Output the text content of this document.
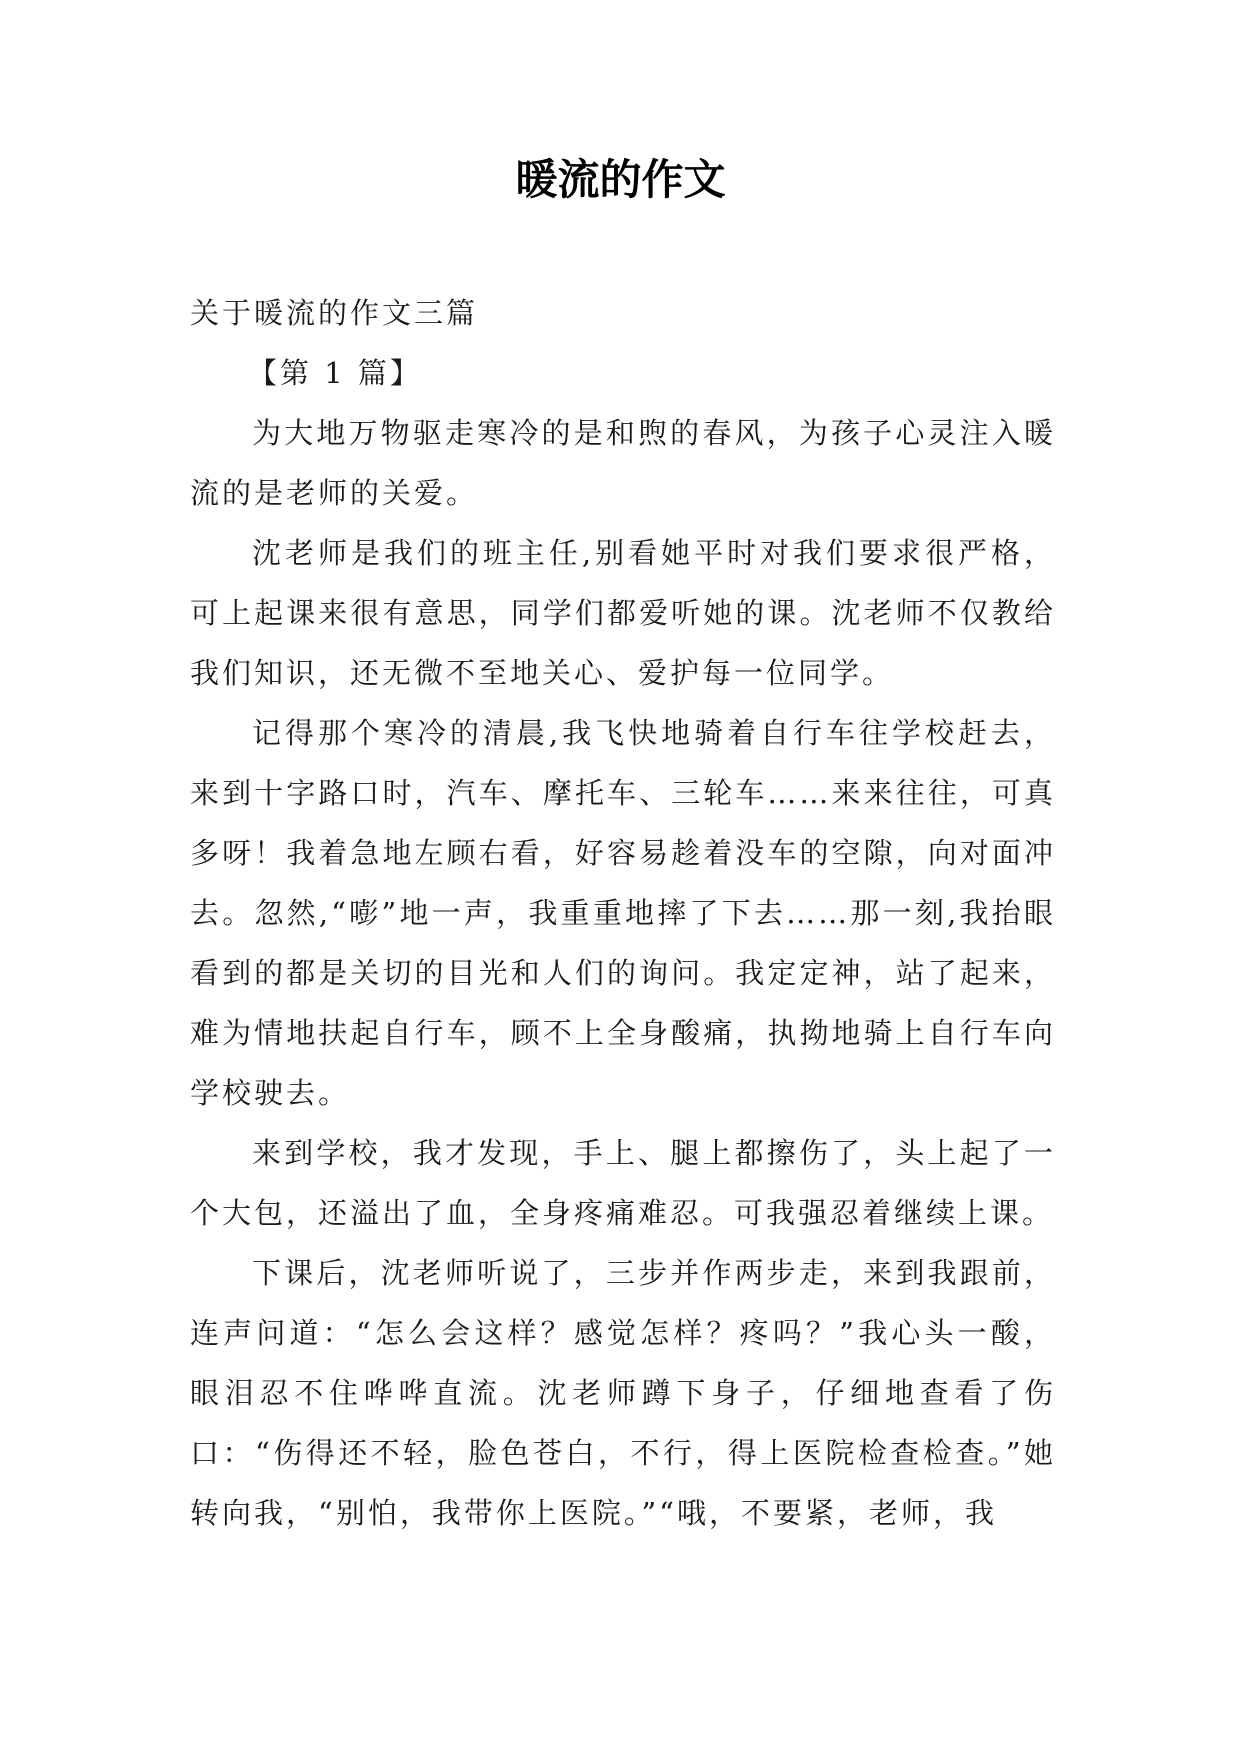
暖流的作文

关于暖流的作文三篇

【第 1 篇】

为大地万物驱走寒冷的是和煦的春风，为孩子心灵注入暖流的是老师的关爱。

沈老师是我们的班主任,别看她平时对我们要求很严格，可上起课来很有意思，同学们都爱听她的课。沈老师不仅教给我们知识，还无微不至地关心、爱护每一位同学。

记得那个寒冷的清晨,我飞快地骑着自行车往学校赶去，来到十字路口时，汽车、摩托车、三轮车……来来往往，可真多呀！我着急地左顾右看，好容易趁着没车的空隙，向对面冲去。忽然,“嘭”地一声，我重重地摔了下去……那一刻,我抬眼看到的都是关切的目光和人们的询问。我定定神，站了起来，难为情地扶起自行车，顾不上全身酸痛，执拗地骑上自行车向学校驶去。

来到学校，我才发现，手上、腿上都擦伤了，头上起了一个大包，还溢出了血，全身疼痛难忍。可我强忍着继续上课。

下课后，沈老师听说了，三步并作两步走，来到我跟前，连声问道：“怎么会这样？感觉怎样？疼吗？”我心头一酸，眼泪忍不住哗哗直流。沈老师蹲下身子，仔细地查看了伤口：“伤得还不轻，脸色苍白，不行，得上医院检查检查。”她转向我，“别怕，我带你上医院。”“哦，不要紧，老师，我
